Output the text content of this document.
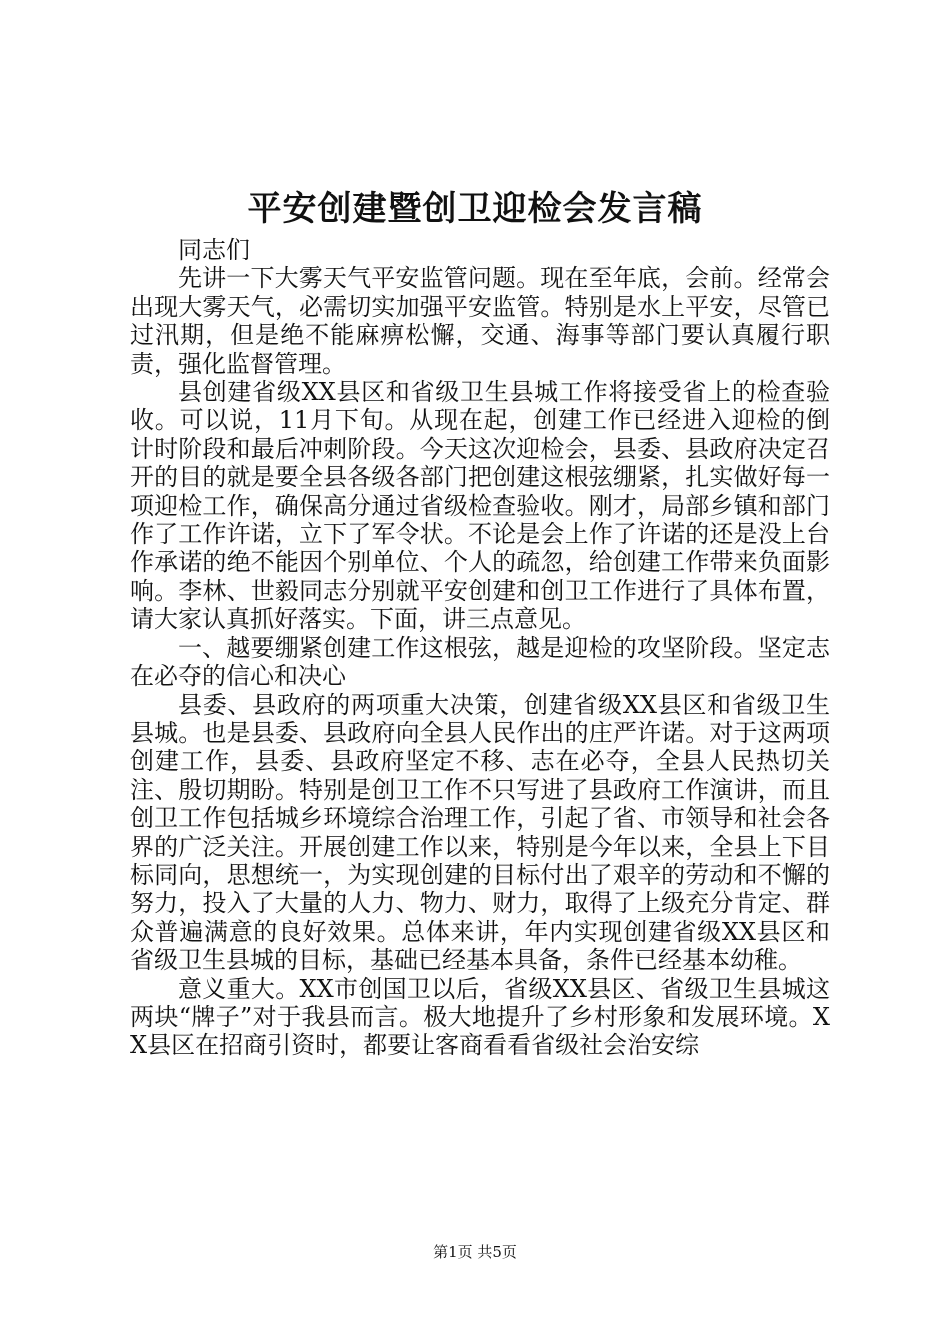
平安创建暨创卫迎检会发言稿

同志们

先讲一下大雾天气平安监管问题。现在至年底，会前。经常会出现大雾天气，必需切实加强平安监管。特别是水上平安，尽管已过汛期，但是绝不能麻痹松懈，交通、海事等部门要认真履行职责，强化监督管理。

县创建省级XX县区和省级卫生县城工作将接受省上的检查验收。可以说，11月下旬。从现在起，创建工作已经进入迎检的倒计时阶段和最后冲刺阶段。今天这次迎检会，县委、县政府决定召开的目的就是要全县各级各部门把创建这根弦绷紧，扎实做好每一项迎检工作，确保高分通过省级检查验收。刚才，局部乡镇和部门作了工作许诺，立下了军令状。不论是会上作了许诺的还是没上台作承诺的绝不能因个别单位、个人的疏忽，给创建工作带来负面影响。李林、世毅同志分别就平安创建和创卫工作进行了具体布置，请大家认真抓好落实。下面，讲三点意见。

一、越要绷紧创建工作这根弦，越是迎检的攻坚阶段。坚定志在必夺的信心和决心

县委、县政府的两项重大决策，创建省级XX县区和省级卫生县城。也是县委、县政府向全县人民作出的庄严许诺。对于这两项创建工作，县委、县政府坚定不移、志在必夺，全县人民热切关注、殷切期盼。特别是创卫工作不只写进了县政府工作演讲，而且创卫工作包括城乡环境综合治理工作，引起了省、市领导和社会各界的广泛关注。开展创建工作以来，特别是今年以来，全县上下目标同向，思想统一，为实现创建的目标付出了艰辛的劳动和不懈的努力，投入了大量的人力、物力、财力，取得了上级充分肯定、群众普遍满意的良好效果。总体来讲，年内实现创建省级XX县区和省级卫生县城的目标，基础已经基本具备，条件已经基本幼稚。

意义重大。XX市创国卫以后，省级XX县区、省级卫生县城这两块“牌子”对于我县而言。极大地提升了乡村形象和发展环境。XX县区在招商引资时，都要让客商看看省级社会治安综

第1页 共5页
